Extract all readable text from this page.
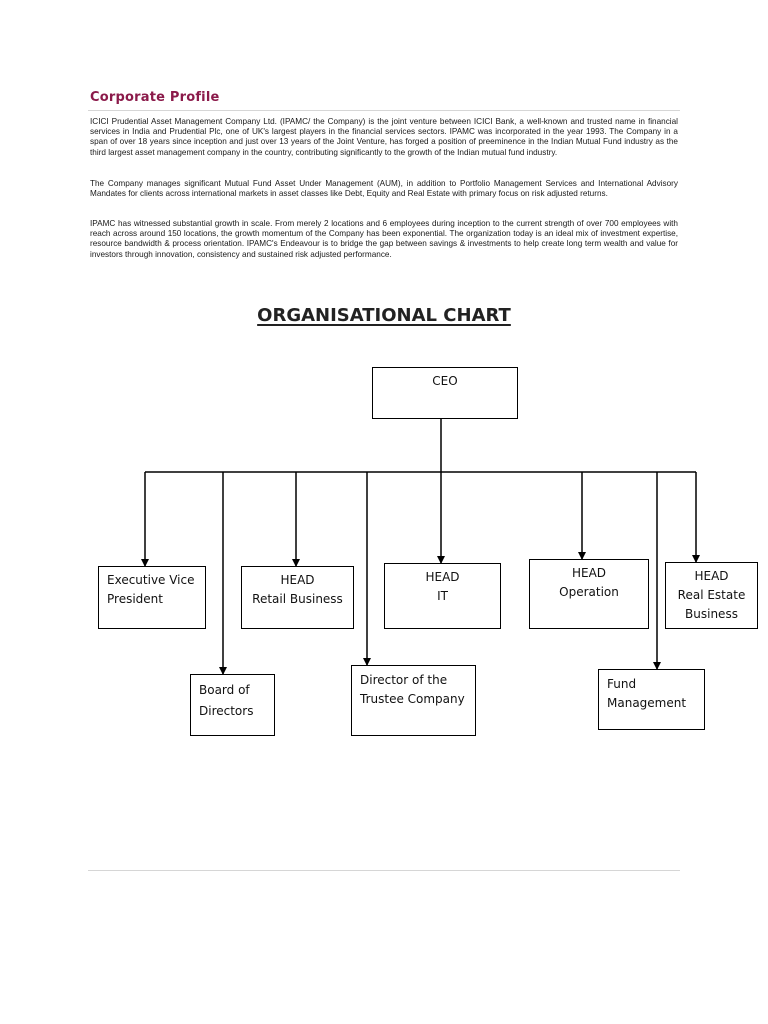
Corporate Profile

ICICI Prudential Asset Management Company Ltd. (IPAMC/ the Company) is the joint venture between ICICI Bank, a well-known and trusted name in financial services in India and Prudential Plc, one of UK's largest players in the financial services sectors. IPAMC was incorporated in the year 1993. The Company in a span of over 18 years since inception and just over 13 years of the Joint Venture, has forged a position of preeminence in the Indian Mutual Fund industry as the third largest asset management company in the country, contributing significantly to the growth of the Indian mutual fund industry.

The Company manages significant Mutual Fund Asset Under Management (AUM), in addition to Portfolio Management Services and International Advisory Mandates for clients across international markets in asset classes like Debt, Equity and Real Estate with primary focus on risk adjusted returns.

IPAMC has witnessed substantial growth in scale. From merely 2 locations and 6 employees during inception to the current strength of over 700 employees with reach across around 150 locations, the growth momentum of the Company has been exponential. The organization today is an ideal mix of investment expertise, resource bandwidth & process orientation. IPAMC's Endeavour is to bridge the gap between savings & investments to help create long term wealth and value for investors through innovation, consistency and sustained risk adjusted performance.

ORGANISATIONAL CHART
CEO
Executive Vice
President
HEAD
Retail Business
HEAD
IT
HEAD
Operation
HEAD
Real Estate
Business
Board of
Directors
Director of the
Trustee Company
Fund
Management
